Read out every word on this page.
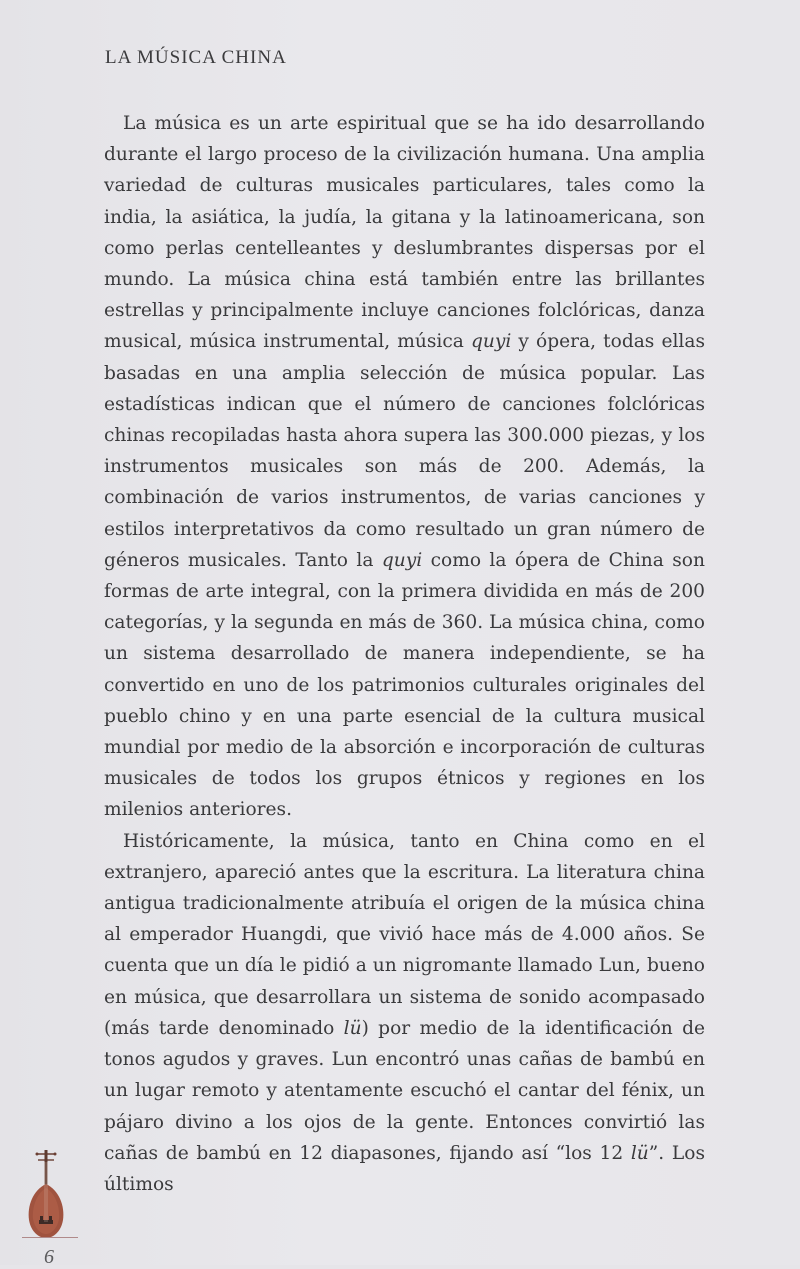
LA MÚSICA CHINA

La música es un arte espiritual que se ha ido desarrollando durante el largo proceso de la civilización humana. Una amplia variedad de culturas musicales particulares, tales como la india, la asiática, la judía, la gitana y la latinoamericana, son como perlas centelleantes y deslumbrantes dispersas por el mundo. La música china está también entre las brillantes estrellas y principalmente incluye canciones folclóricas, danza musical, música instrumental, música quyi y ópera, todas ellas basadas en una amplia selección de música popular. Las estadísticas indican que el número de canciones folclóricas chinas recopiladas hasta ahora supera las 300.000 piezas, y los instrumentos musicales son más de 200. Además, la combinación de varios instrumentos, de varias canciones y estilos interpretativos da como resultado un gran número de géneros musicales. Tanto la quyi como la ópera de China son formas de arte integral, con la primera dividida en más de 200 categorías, y la segunda en más de 360. La música china, como un sistema desarrollado de manera independiente, se ha convertido en uno de los patrimonios culturales originales del pueblo chino y en una parte esencial de la cultura musical mundial por medio de la absorción e incorporación de culturas musicales de todos los grupos étnicos y regiones en los milenios anteriores.

Históricamente, la música, tanto en China como en el extranjero, apareció antes que la escritura. La literatura china antigua tradicionalmente atribuía el origen de la música china al emperador Huangdi, que vivió hace más de 4.000 años. Se cuenta que un día le pidió a un nigromante llamado Lun, bueno en música, que desarrollara un sistema de sonido acompasado (más tarde denominado lü) por medio de la identificación de tonos agudos y graves. Lun encontró unas cañas de bambú en un lugar remoto y atentamente escuchó el cantar del fénix, un pájaro divino a los ojos de la gente. Entonces convirtió las cañas de bambú en 12 diapasones, fijando así “los 12 lü”. Los últimos

6
